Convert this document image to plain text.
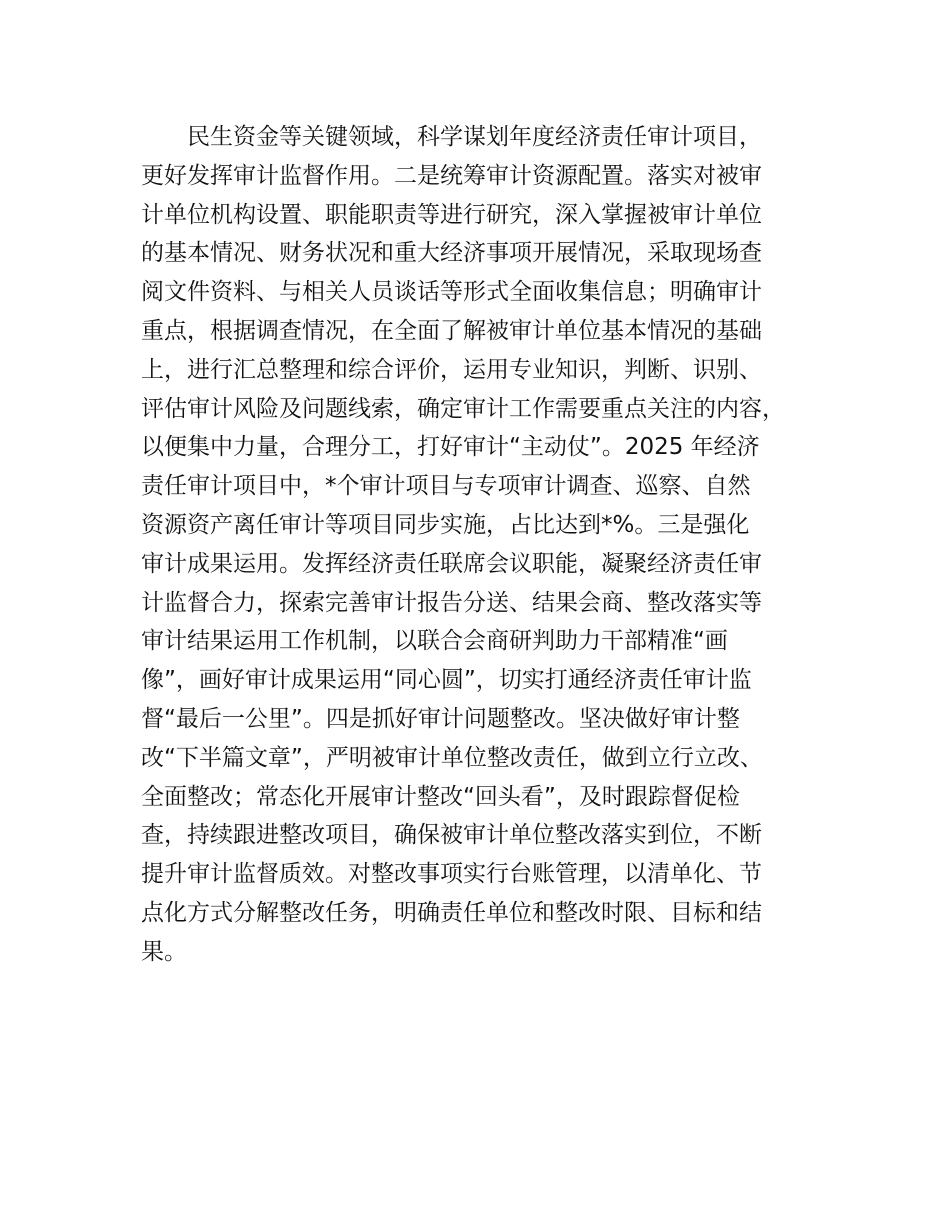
民生资金等关键领域，科学谋划年度经济责任审计项目，
更好发挥审计监督作用。二是统筹审计资源配置。落实对被审
计单位机构设置、职能职责等进行研究，深入掌握被审计单位
的基本情况、财务状况和重大经济事项开展情况，采取现场查
阅文件资料、与相关人员谈话等形式全面收集信息；明确审计
重点，根据调查情况，在全面了解被审计单位基本情况的基础
上，进行汇总整理和综合评价，运用专业知识，判断、识别、
评估审计风险及问题线索，确定审计工作需要重点关注的内容，
以便集中力量，合理分工，打好审计“主动仗”。2025 年经济
责任审计项目中，*个审计项目与专项审计调查、巡察、自然
资源资产离任审计等项目同步实施，占比达到*%。三是强化
审计成果运用。发挥经济责任联席会议职能，凝聚经济责任审
计监督合力，探索完善审计报告分送、结果会商、整改落实等
审计结果运用工作机制，以联合会商研判助力干部精准“画
像”，画好审计成果运用“同心圆”，切实打通经济责任审计监
督“最后一公里”。四是抓好审计问题整改。坚决做好审计整
改“下半篇文章”，严明被审计单位整改责任，做到立行立改、
全面整改；常态化开展审计整改“回头看”，及时跟踪督促检
查，持续跟进整改项目，确保被审计单位整改落实到位，不断
提升审计监督质效。对整改事项实行台账管理，以清单化、节
点化方式分解整改任务，明确责任单位和整改时限、目标和结
果。
